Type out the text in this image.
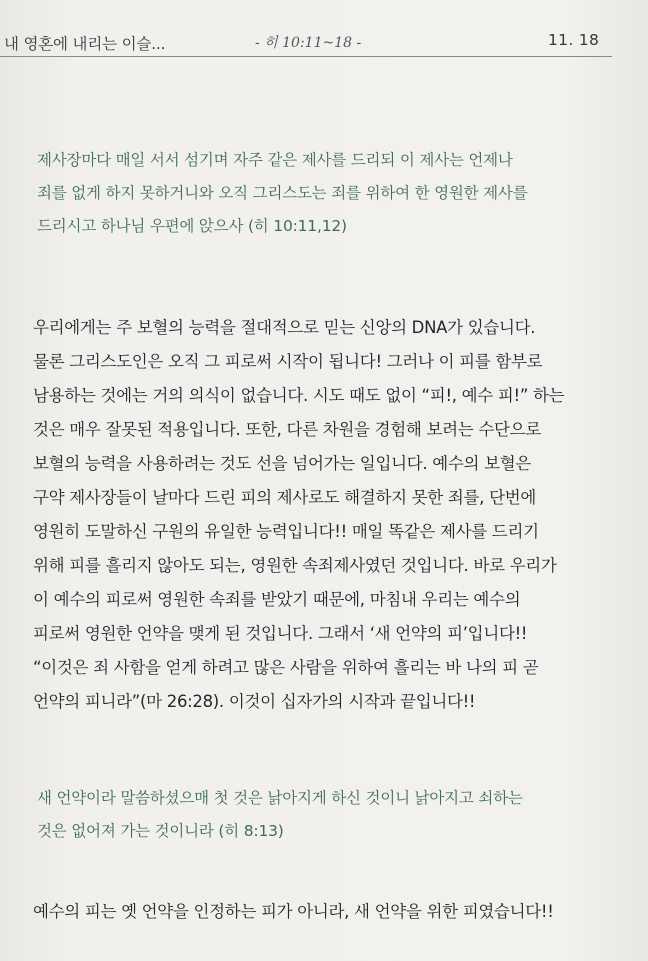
내 영혼에 내리는 이슬...	- 히 10:11~18 -	11. 18
제사장마다 매일 서서 섬기며 자주 같은 제사를 드리되 이 제사는 언제나
죄를 없게 하지 못하거니와 오직 그리스도는 죄를 위하여 한 영원한 제사를
드리시고 하나님 우편에 앉으사 (히 10:11,12)
우리에게는 주 보혈의 능력을 절대적으로 믿는 신앙의 DNA가 있습니다.
물론 그리스도인은 오직 그 피로써 시작이 됩니다! 그러나 이 피를 함부로
남용하는 것에는 거의 의식이 없습니다. 시도 때도 없이 “피!, 예수 피!” 하는
것은 매우 잘못된 적용입니다. 또한, 다른 차원을 경험해 보려는 수단으로
보혈의 능력을 사용하려는 것도 선을 넘어가는 일입니다. 예수의 보혈은
구약 제사장들이 날마다 드린 피의 제사로도 해결하지 못한 죄를, 단번에
영원히 도말하신 구원의 유일한 능력입니다!! 매일 똑같은 제사를 드리기
위해 피를 흘리지 않아도 되는, 영원한 속죄제사였던 것입니다. 바로 우리가
이 예수의 피로써 영원한 속죄를 받았기 때문에, 마침내 우리는 예수의
피로써 영원한 언약을 맺게 된 것입니다. 그래서 ‘새 언약의 피’입니다!!
“이것은 죄 사함을 얻게 하려고 많은 사람을 위하여 흘리는 바 나의 피 곧
언약의 피니라”(마 26:28). 이것이 십자가의 시작과 끝입니다!!
새 언약이라 말씀하셨으매 첫 것은 낡아지게 하신 것이니 낡아지고 쇠하는
것은 없어져 가는 것이니라 (히 8:13)
예수의 피는 옛 언약을 인정하는 피가 아니라, 새 언약을 위한 피였습니다!!
